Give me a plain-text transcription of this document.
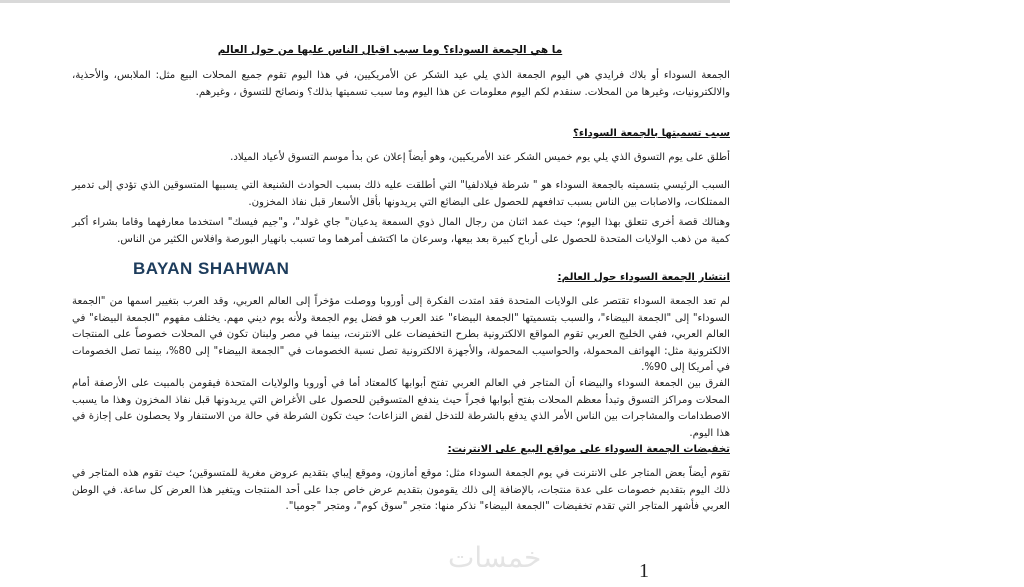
ما هي الجمعة السوداء؟ وما سبب اقبال الناس عليها من حول العالم

الجمعة السوداء أو بلاك فرايدي هي اليوم الجمعة الذي يلي عيد الشكر عن الأمريكيين، في هذا اليوم تقوم جميع المحلات البيع مثل: الملابس، والأحذية، والالكترونيات، وغيرها من المحلات. سنقدم لكم اليوم معلومات عن هذا اليوم وما سبب تسميتها بذلك؟ ونصائح للتسوق ، وغيرهم.

سبب تسميتها بالجمعة السوداء؟

أطلق على يوم التسوق الذي يلي يوم خميس الشكر عند الأمريكيين، وهو أيضاً إعلان عن بدأ موسم التسوق لأعياد الميلاد.

السبب الرئيسي بتسميته بالجمعة السوداء هو " شرطة فيلادلفيا" التي أطلقت عليه ذلك بسبب الحوادث الشنيعة التي يسببها المتسوقين الذي تؤدي إلى تدمير الممتلكات، والاصابات بين الناس بسبب تدافعهم للحصول على البضائع التي يريدونها بأقل الأسعار قبل نفاذ المخزون.

وهنالك قصة أخرى تتعلق بهذا اليوم؛ حيث عمد اثنان من رجال المال ذوي السمعة يدعيان" جاي غولد"، و"جيم فيسك" استخدما معارفهما وقاما بشراء أكبر كمية من ذهب الولايات المتحدة للحصول على أرباح كبيرة بعد بيعها، وسرعان ما اكتشف أمرهما وما تسبب بانهيار البورصة وافلاس الكثير من الناس.

BAYAN SHAHWAN	انتشار الجمعة السوداء حول العالم:

لم تعد الجمعة السوداء تقتصر على الولايات المتحدة فقد امتدت الفكرة إلى أوروبا ووصلت مؤخراً إلى العالم العربي، وقد العرب بتغيير اسمها من "الجمعة السوداء" إلى "الجمعة البيضاء"، والسبب بتسميتها "الجمعة البيضاء" عند العرب هو فضل يوم الجمعة ولأنه يوم ديني مهم. يختلف مفهوم "الجمعة البيضاء" في العالم العربي، ففي الخليج العربي تقوم المواقع الالكترونية بطرح التخفيضات على الانترنت، بينما في مصر ولبنان تكون في المحلات خصوصاً على المنتجات الالكترونية مثل: الهواتف المحمولة، والحواسيب المحمولة، والأجهزة الالكترونية تصل نسبة الخصومات في "الجمعة البيضاء" إلى 80%، بينما تصل الخصومات في أمريكا إلى 90%.

الفرق بين الجمعة السوداء والبيضاء أن المتاجر في العالم العربي تفتح أبوابها كالمعتاد أما في أوروبا والولايات المتحدة فيقومن بالمبيت على الأرصفة أمام المحلات ومراكز التسوق وتبدأ معظم المحلات بفتح أبوابها فجراً حيث يندفع المتسوقين للحصول على الأغراض التي يريدونها قبل نفاذ المخزون وهذا ما يسبب الاصطدامات والمشاجرات بين الناس الأمر الذي يدفع بالشرطة للتدخل لفض النزاعات؛ حيث تكون الشرطة في حالة من الاستنفار ولا يحصلون على إجازة في هذا اليوم.

تخفيضات الجمعة السوداء على مواقع البيع على الانترنت:

تقوم أيضاً بعض المتاجر على الانترنت في يوم الجمعة السوداء مثل: موقع أمازون، وموقع إيباي بتقديم عروض مغرية للمتسوقين؛ حيث تقوم هذه المتاجر في ذلك اليوم بتقديم خصومات على عدة منتجات، بالإضافة إلى ذلك يقومون بتقديم عرض خاص جدا على أحد المنتجات ويتغير هذا العرض كل ساعة. في الوطن العربي فأشهر المتاجر التي تقدم تخفيضات "الجمعة البيضاء" نذكر منها: متجر "سوق كوم"، ومتجر "جوميا".

خمسات	1
